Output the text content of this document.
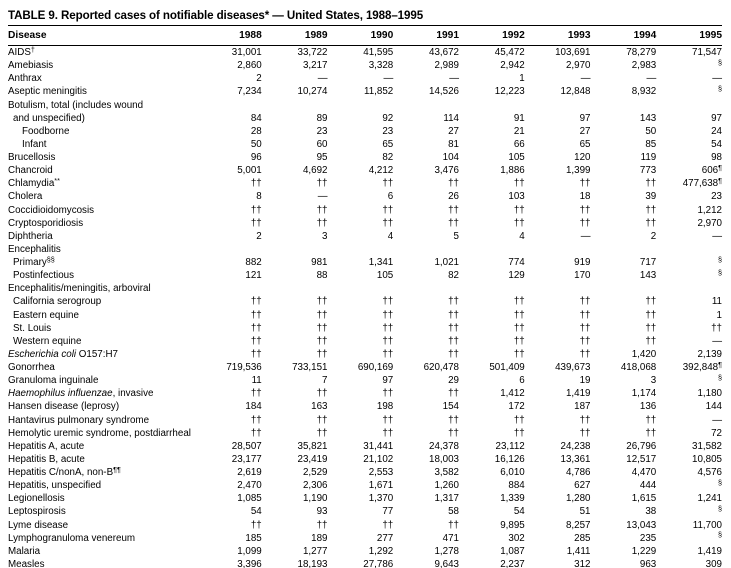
TABLE 9. Reported cases of notifiable diseases* — United States, 1988–1995
Disease	1988	1989	1990	1991	1992	1993	1994	1995
AIDS†	31,001	33,722	41,595	43,672	45,472	103,691	78,279	71,547
Amebiasis	2,860	3,217	3,328	2,989	2,942	2,970	2,983	§
Anthrax	2	—	—	—	1	—	—	—
Aseptic meningitis	7,234	10,274	11,852	14,526	12,223	12,848	8,932	§
Botulism, total (includes wound								
and unspecified)	84	89	92	114	91	97	143	97
Foodborne	28	23	23	27	21	27	50	24
Infant	50	60	65	81	66	65	85	54
Brucellosis	96	95	82	104	105	120	119	98
Chancroid	5,001	4,692	4,212	3,476	1,886	1,399	773	606¶
Chlamydia**	††	††	††	††	††	††	††	477,638¶
Cholera	8	—	6	26	103	18	39	23
Coccidioidomycosis	††	††	††	††	††	††	††	1,212
Cryptosporidiosis	††	††	††	††	††	††	††	2,970
Diphtheria	2	3	4	5	4	—	2	—
Encephalitis								
Primary§§	882	981	1,341	1,021	774	919	717	§
Postinfectious	121	88	105	82	129	170	143	§
Encephalitis/meningitis, arboviral								
California serogroup	††	††	††	††	††	††	††	11
Eastern equine	††	††	††	††	††	††	††	1
St. Louis	††	††	††	††	††	††	††	††
Western equine	††	††	††	††	††	††	††	—
Escherichia coli O157:H7	††	††	††	††	††	††	1,420	2,139
Gonorrhea	719,536	733,151	690,169	620,478	501,409	439,673	418,068	392,848¶
Granuloma inguinale	11	7	97	29	6	19	3	§
Haemophilus influenzae, invasive	††	††	††	††	1,412	1,419	1,174	1,180
Hansen disease (leprosy)	184	163	198	154	172	187	136	144
Hantavirus pulmonary syndrome	††	††	††	††	††	††	††	—
Hemolytic uremic syndrome, postdiarrheal	††	††	††	††	††	††	††	72
Hepatitis A, acute	28,507	35,821	31,441	24,378	23,112	24,238	26,796	31,582
Hepatitis B, acute	23,177	23,419	21,102	18,003	16,126	13,361	12,517	10,805
Hepatitis C/nonA, non-B¶¶	2,619	2,529	2,553	3,582	6,010	4,786	4,470	4,576
Hepatitis, unspecified	2,470	2,306	1,671	1,260	884	627	444	§
Legionellosis	1,085	1,190	1,370	1,317	1,339	1,280	1,615	1,241
Leptospirosis	54	93	77	58	54	51	38	§
Lyme disease	††	††	††	††	9,895	8,257	13,043	11,700
Lymphogranuloma venereum	185	189	277	471	302	285	235	§
Malaria	1,099	1,277	1,292	1,278	1,087	1,411	1,229	1,419
Measles	3,396	18,193	27,786	9,643	2,237	312	963	309
